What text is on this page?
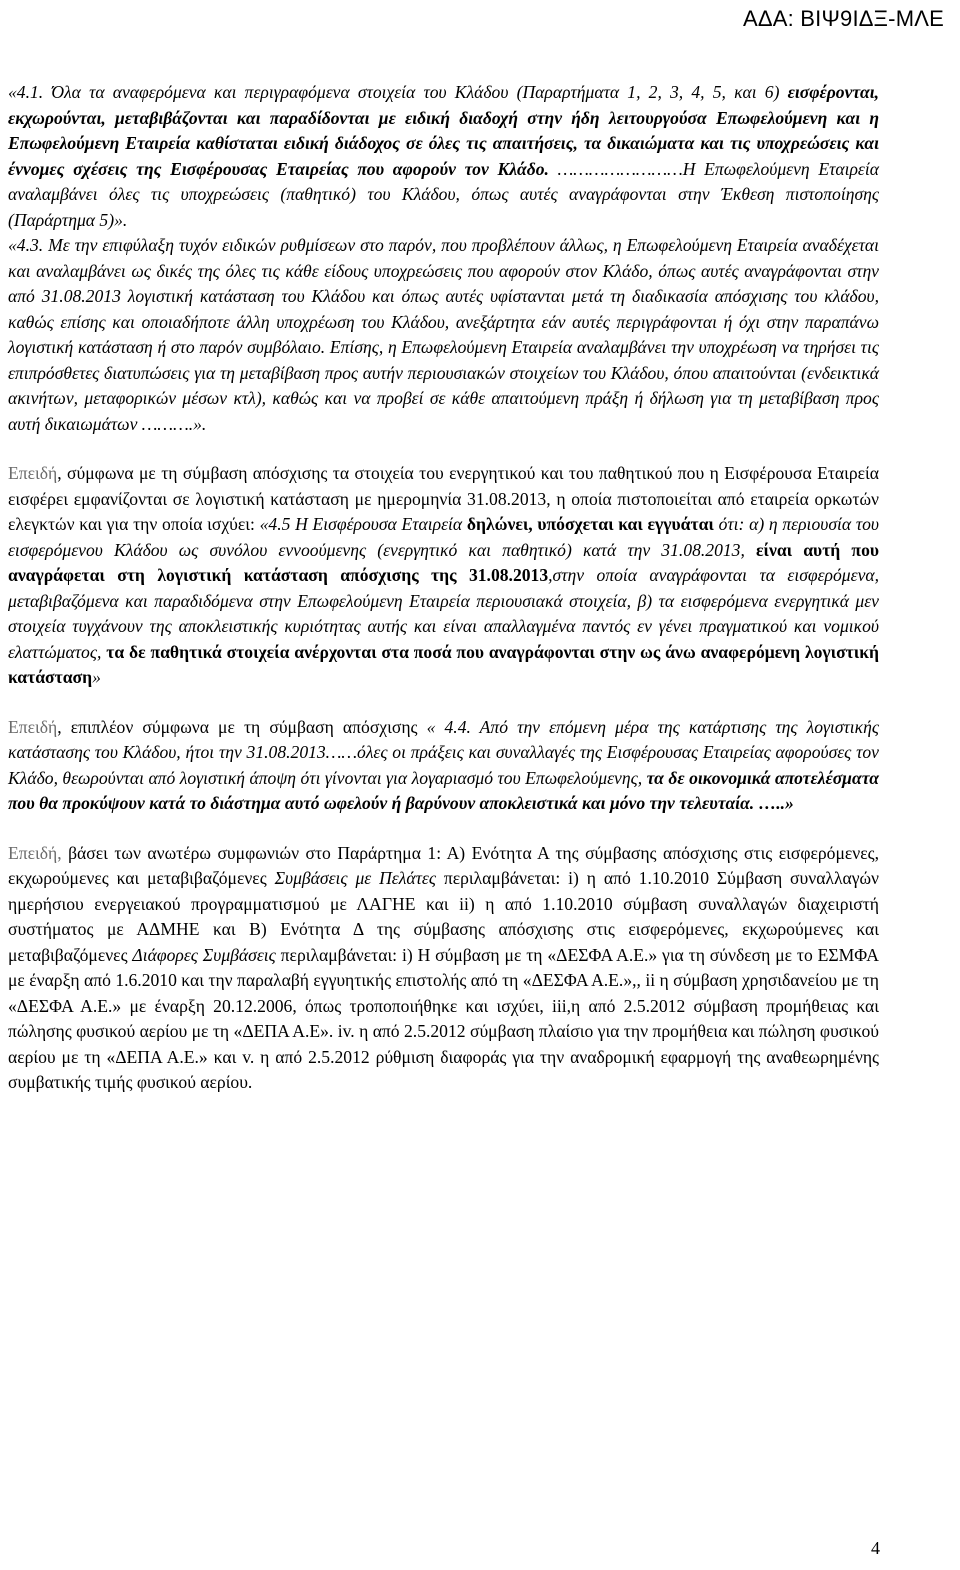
ΑΔΑ: ΒΙΨ9ΙΔΞ-ΜΛΕ

«4.1. Όλα τα αναφερόμενα και περιγραφόμενα στοιχεία του Κλάδου (Παραρτήματα 1, 2, 3, 4, 5, και 6) εισφέρονται, εκχωρούνται, μεταβιβάζονται και παραδίδονται με ειδική διαδοχή στην ήδη λειτουργούσα Επωφελούμενη και η Επωφελούμενη Εταιρεία καθίσταται ειδική διάδοχος σε όλες τις απαιτήσεις, τα δικαιώματα και τις υποχρεώσεις και έννομες σχέσεις της Εισφέρουσας Εταιρείας που αφορούν τον Κλάδο. ……………………Η Επωφελούμενη Εταιρεία αναλαμβάνει όλες τις υποχρεώσεις (παθητικό) του Κλάδου, όπως αυτές αναγράφονται στην Έκθεση πιστοποίησης (Παράρτημα 5)».

«4.3. Με την επιφύλαξη τυχόν ειδικών ρυθμίσεων στο παρόν, που προβλέπουν άλλως, η Επωφελούμενη Εταιρεία αναδέχεται και αναλαμβάνει ως δικές της όλες τις κάθε είδους υποχρεώσεις που αφορούν στον Κλάδο, όπως αυτές αναγράφονται στην από 31.08.2013 λογιστική κατάσταση του Κλάδου και όπως αυτές υφίστανται μετά τη διαδικασία απόσχισης του κλάδου, καθώς επίσης και οποιαδήποτε άλλη υποχρέωση του Κλάδου, ανεξάρτητα εάν αυτές περιγράφονται ή όχι στην παραπάνω λογιστική κατάσταση ή στο παρόν συμβόλαιο. Επίσης, η Επωφελούμενη Εταιρεία αναλαμβάνει την υποχρέωση να τηρήσει τις επιπρόσθετες διατυπώσεις για τη μεταβίβαση προς αυτήν περιουσιακών στοιχείων του Κλάδου, όπου απαιτούνται (ενδεικτικά ακινήτων, μεταφορικών μέσων κτλ), καθώς και να προβεί σε κάθε απαιτούμενη πράξη ή δήλωση για τη μεταβίβαση προς αυτή δικαιωμάτων ……….».

Επειδή, σύμφωνα με τη σύμβαση απόσχισης τα στοιχεία του ενεργητικού και του παθητικού που η Εισφέρουσα Εταιρεία εισφέρει εμφανίζονται σε λογιστική κατάσταση με ημερομηνία 31.08.2013, η οποία πιστοποιείται από εταιρεία ορκωτών ελεγκτών και για την οποία ισχύει: «4.5 Η Εισφέρουσα Εταιρεία δηλώνει, υπόσχεται και εγγυάται ότι: α) η περιουσία του εισφερόμενου Κλάδου ως συνόλου εννοούμενης (ενεργητικό και παθητικό) κατά την 31.08.2013, είναι αυτή που αναγράφεται στη λογιστική κατάσταση απόσχισης της 31.08.2013,στην οποία αναγράφονται τα εισφερόμενα, μεταβιβαζόμενα και παραδιδόμενα στην Επωφελούμενη Εταιρεία περιουσιακά στοιχεία, β) τα εισφερόμενα ενεργητικά μεν στοιχεία τυγχάνουν της αποκλειστικής κυριότητας αυτής και είναι απαλλαγμένα παντός εν γένει πραγματικού και νομικού ελαττώματος, τα δε παθητικά στοιχεία ανέρχονται στα ποσά που αναγράφονται στην ως άνω αναφερόμενη λογιστική κατάσταση»

Επειδή, επιπλέον σύμφωνα με τη σύμβαση απόσχισης « 4.4. Από την επόμενη μέρα της κατάρτισης της λογιστικής κατάστασης του Κλάδου, ήτοι την 31.08.2013……όλες οι πράξεις και συναλλαγές της Εισφέρουσας Εταιρείας αφορούσες τον Κλάδο, θεωρούνται από λογιστική άποψη ότι γίνονται για λογαριασμό του Επωφελούμενης, τα δε οικονομικά αποτελέσματα που θα προκύψουν κατά το διάστημα αυτό ωφελούν ή βαρύνουν αποκλειστικά και μόνο την τελευταία. …..»

Επειδή, βάσει των ανωτέρω συμφωνιών στο Παράρτημα 1: Α) Ενότητα Α της σύμβασης απόσχισης στις εισφερόμενες, εκχωρούμενες και μεταβιβαζόμενες Συμβάσεις με Πελάτες περιλαμβάνεται: i) η από 1.10.2010 Σύμβαση συναλλαγών ημερήσιου ενεργειακού προγραμματισμού με ΛΑΓΗΕ και ii) η από 1.10.2010 σύμβαση συναλλαγών διαχειριστή συστήματος με ΑΔΜΗΕ και Β) Ενότητα Δ της σύμβασης απόσχισης στις εισφερόμενες, εκχωρούμενες και μεταβιβαζόμενες Διάφορες Συμβάσεις περιλαμβάνεται: i) Η σύμβαση με τη «ΔΕΣΦΑ Α.Ε.» για τη σύνδεση με το ΕΣΜΦΑ με έναρξη από 1.6.2010 και την παραλαβή εγγυητικής επιστολής από τη «ΔΕΣΦΑ Α.Ε.»,, ii η σύμβαση χρησιδανείου με τη «ΔΕΣΦΑ Α.Ε.» με έναρξη 20.12.2006, όπως τροποποιήθηκε και ισχύει, iii,η από 2.5.2012 σύμβαση προμήθειας και πώλησης φυσικού αερίου με τη «ΔΕΠΑ Α.Ε». iv. η από 2.5.2012 σύμβαση πλαίσιο για την προμήθεια και πώληση φυσικού αερίου με τη «ΔΕΠΑ Α.Ε.» και v. η από 2.5.2012 ρύθμιση διαφοράς για την αναδρομική εφαρμογή της αναθεωρημένης συμβατικής τιμής φυσικού αερίου.

4
